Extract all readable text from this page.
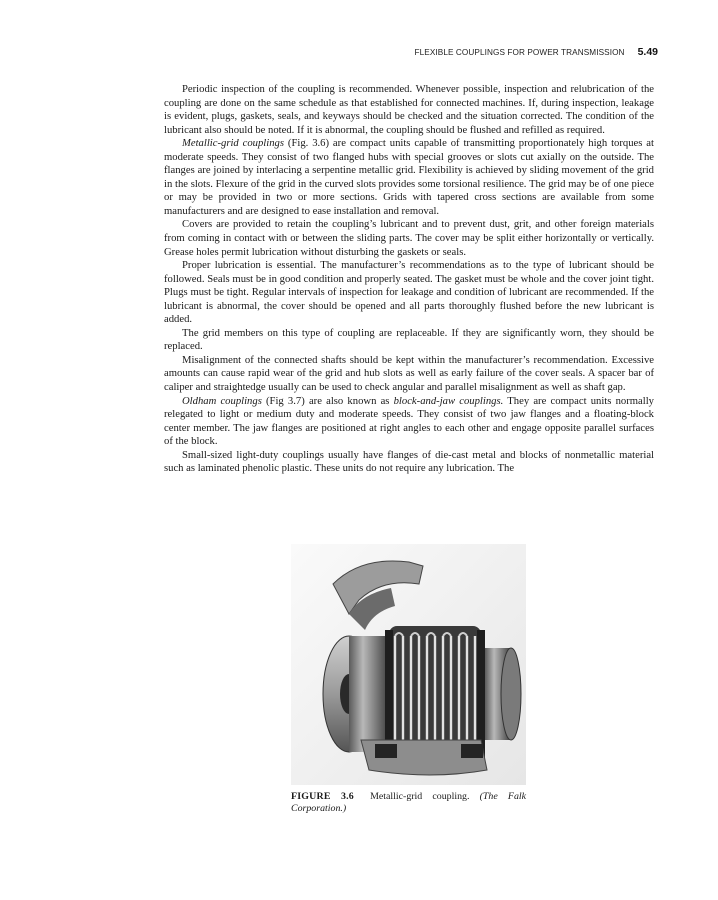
FLEXIBLE COUPLINGS FOR POWER TRANSMISSION 5.49

Periodic inspection of the coupling is recommended. Whenever possible, inspection and relubrication of the coupling are done on the same schedule as that established for connected machines. If, during inspection, leakage is evident, plugs, gaskets, seals, and keyways should be checked and the situation corrected. The condition of the lubricant also should be noted. If it is abnormal, the coupling should be flushed and refilled as required.

Metallic-grid couplings (Fig. 3.6) are compact units capable of transmitting proportionately high torques at moderate speeds. They consist of two flanged hubs with special grooves or slots cut axially on the outside. The flanges are joined by interlacing a serpentine metallic grid. Flexibility is achieved by sliding movement of the grid in the slots. Flexure of the grid in the curved slots provides some torsional resilience. The grid may be of one piece or may be provided in two or more sections. Grids with tapered cross sections are available from some manufacturers and are designed to ease installation and removal.

Covers are provided to retain the coupling’s lubricant and to prevent dust, grit, and other foreign materials from coming in contact with or between the sliding parts. The cover may be split either horizontally or vertically. Grease holes permit lubrication without disturbing the gaskets or seals.

Proper lubrication is essential. The manufacturer’s recommendations as to the type of lubricant should be followed. Seals must be in good condition and properly seated. The gasket must be whole and the cover joint tight. Plugs must be tight. Regular intervals of inspection for leakage and condition of lubricant are recommended. If the lubricant is abnormal, the cover should be opened and all parts thoroughly flushed before the new lubricant is added.

The grid members on this type of coupling are replaceable. If they are significantly worn, they should be replaced.

Misalignment of the connected shafts should be kept within the manufacturer’s recommendation. Excessive amounts can cause rapid wear of the grid and hub slots as well as early failure of the cover seals. A spacer bar of caliper and straightedge usually can be used to check angular and parallel misalignment as well as shaft gap.

Oldham couplings (Fig 3.7) are also known as block-and-jaw couplings. They are compact units normally relegated to light or medium duty and moderate speeds. They consist of two jaw flanges and a floating-block center member. The jaw flanges are positioned at right angles to each other and engage opposite parallel surfaces of the block.

Small-sized light-duty couplings usually have flanges of die-cast metal and blocks of nonmetallic material such as laminated phenolic plastic. These units do not require any lubrication. The

FIGURE 3.6 Metallic-grid coupling. (The Falk Corporation.)
